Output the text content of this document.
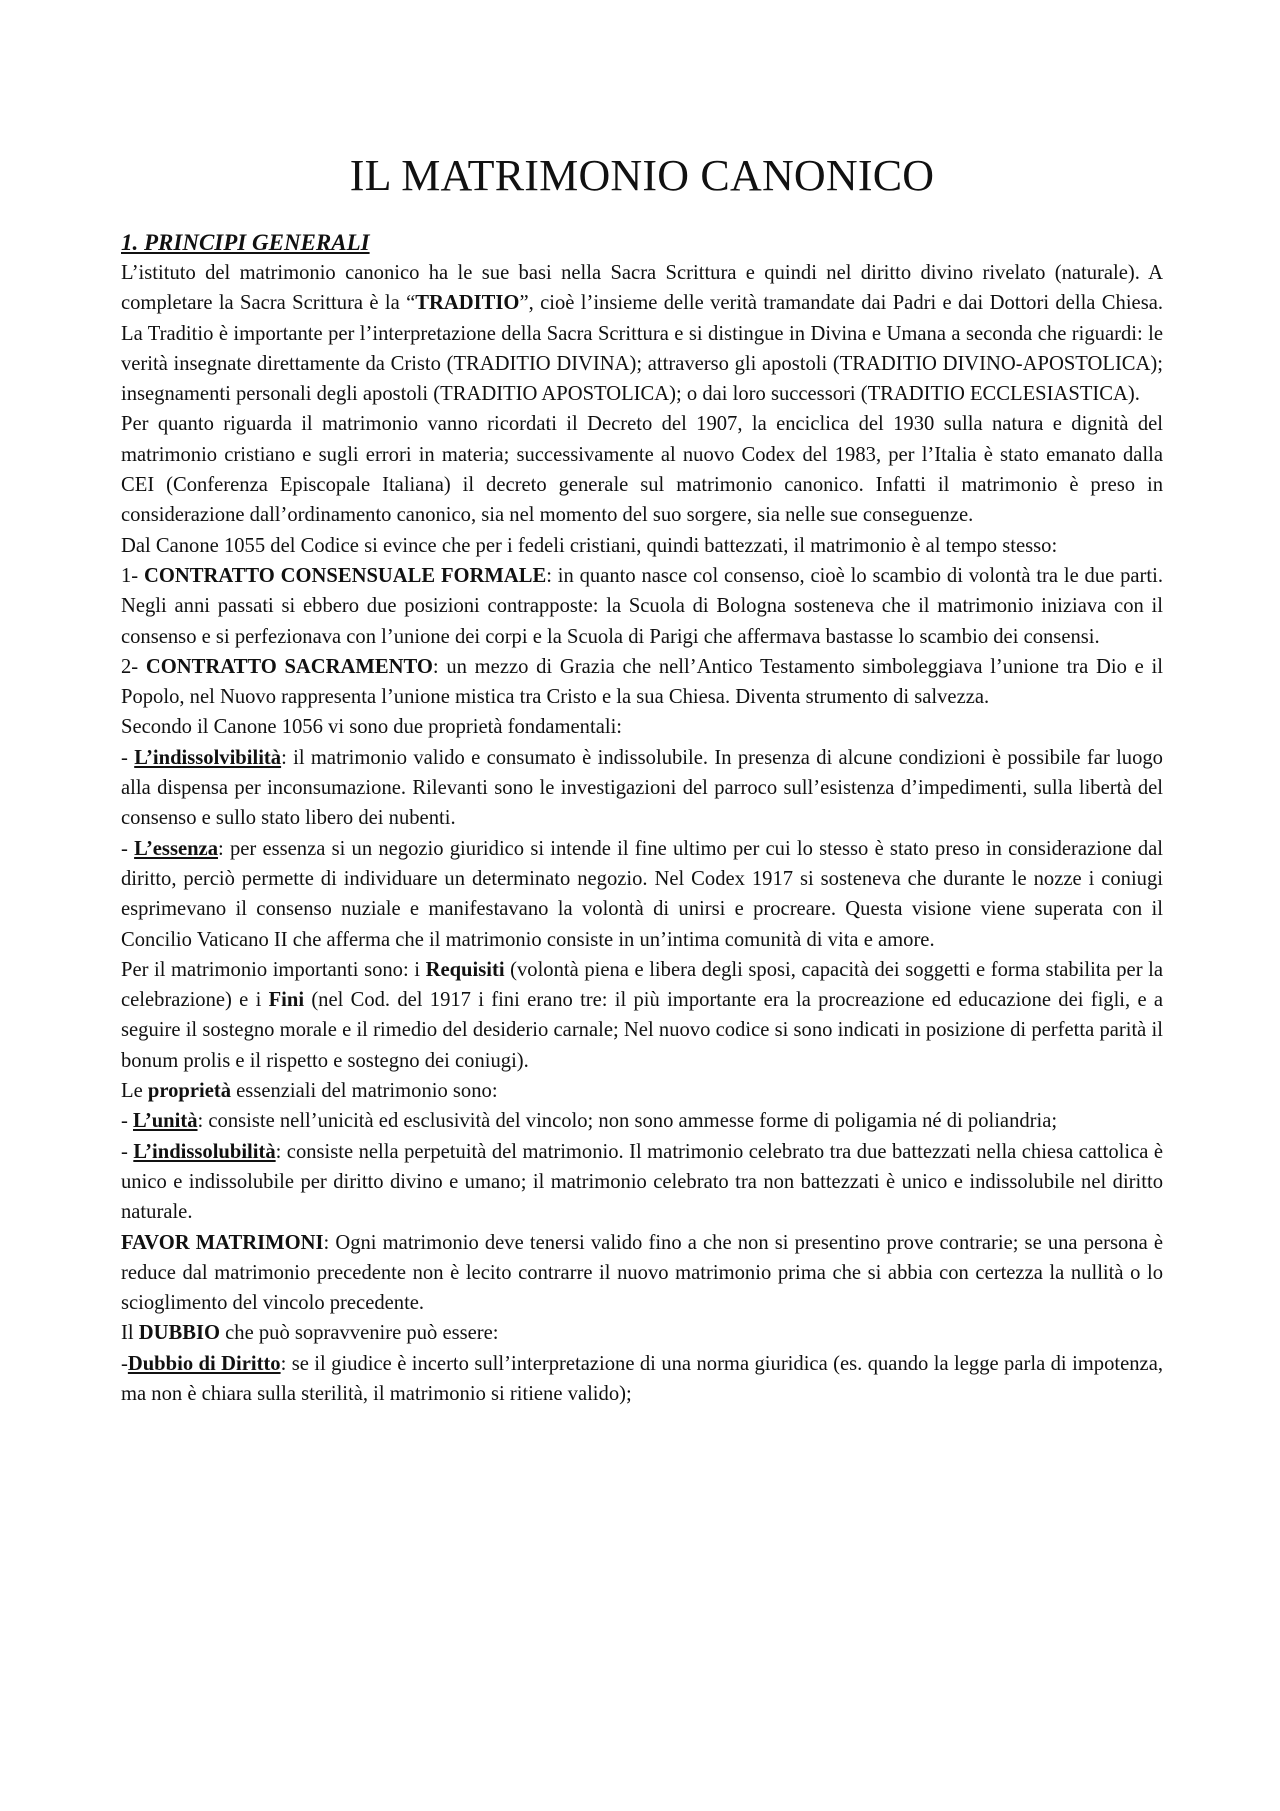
IL MATRIMONIO CANONICO
1. PRINCIPI GENERALI

L’istituto del matrimonio canonico ha le sue basi nella Sacra Scrittura e quindi nel diritto divino rivelato (naturale). A completare la Sacra Scrittura è la “TRADITIO”, cioè l’insieme delle verità tramandate dai Padri e dai Dottori della Chiesa. La Traditio è importante per l’interpretazione della Sacra Scrittura e si distingue in Divina e Umana a seconda che riguardi: le verità insegnate direttamente da Cristo (TRADITIO DIVINA); attraverso gli apostoli (TRADITIO DIVINO-APOSTOLICA); insegnamenti personali degli apostoli (TRADITIO APOSTOLICA); o dai loro successori (TRADITIO ECCLESIASTICA).

Per quanto riguarda il matrimonio vanno ricordati il Decreto del 1907, la enciclica del 1930 sulla natura e dignità del matrimonio cristiano e sugli errori in materia; successivamente al nuovo Codex del 1983, per l’Italia è stato emanato dalla CEI (Conferenza Episcopale Italiana) il decreto generale sul matrimonio canonico. Infatti il matrimonio è preso in considerazione dall’ordinamento canonico, sia nel momento del suo sorgere, sia nelle sue conseguenze.

Dal Canone 1055 del Codice si evince che per i fedeli cristiani, quindi battezzati, il matrimonio è al tempo stesso:

1- CONTRATTO CONSENSUALE FORMALE: in quanto nasce col consenso, cioè lo scambio di volontà tra le due parti. Negli anni passati si ebbero due posizioni contrapposte: la Scuola di Bologna sosteneva che il matrimonio iniziava con il consenso e si perfezionava con l’unione dei corpi e la Scuola di Parigi che affermava bastasse lo scambio dei consensi.

2- CONTRATTO SACRAMENTO: un mezzo di Grazia che nell’Antico Testamento simboleggiava l’unione tra Dio e il Popolo, nel Nuovo rappresenta l’unione mistica tra Cristo e la sua Chiesa. Diventa strumento di salvezza.

Secondo il Canone 1056 vi sono due proprietà fondamentali:

- L’indissolvibilità: il matrimonio valido e consumato è indissolubile. In presenza di alcune condizioni è possibile far luogo alla dispensa per inconsumazione. Rilevanti sono le investigazioni del parroco sull’esistenza d’impedimenti, sulla libertà del consenso e sullo stato libero dei nubenti.

- L’essenza: per essenza si un negozio giuridico si intende il fine ultimo per cui lo stesso è stato preso in considerazione dal diritto, perciò permette di individuare un determinato negozio. Nel Codex 1917 si sosteneva che durante le nozze i coniugi esprimevano il consenso nuziale e manifestavano la volontà di unirsi e procreare. Questa visione viene superata con il Concilio Vaticano II che afferma che il matrimonio consiste in un’intima comunità di vita e amore.

Per il matrimonio importanti sono: i Requisiti (volontà piena e libera degli sposi, capacità dei soggetti e forma stabilita per la celebrazione) e i Fini (nel Cod. del 1917 i fini erano tre: il più importante era la procreazione ed educazione dei figli, e a seguire il sostegno morale e il rimedio del desiderio carnale; Nel nuovo codice si sono indicati in posizione di perfetta parità il bonum prolis e il rispetto e sostegno dei coniugi).

Le proprietà essenziali del matrimonio sono:

- L’unità: consiste nell’unicità ed esclusività del vincolo; non sono ammesse forme di poligamia né di poliandria;

- L’indissolubilità: consiste nella perpetuità del matrimonio. Il matrimonio celebrato tra due battezzati nella chiesa cattolica è unico e indissolubile per diritto divino e umano; il matrimonio celebrato tra non battezzati è unico e indissolubile nel diritto naturale.

FAVOR MATRIMONI: Ogni matrimonio deve tenersi valido fino a che non si presentino prove contrarie; se una persona è reduce dal matrimonio precedente non è lecito contrarre il nuovo matrimonio prima che si abbia con certezza la nullità o lo scioglimento del vincolo precedente.

Il DUBBIO che può sopravvenire può essere:

-Dubbio di Diritto: se il giudice è incerto sull’interpretazione di una norma giuridica (es. quando la legge parla di impotenza, ma non è chiara sulla sterilità, il matrimonio si ritiene valido);
